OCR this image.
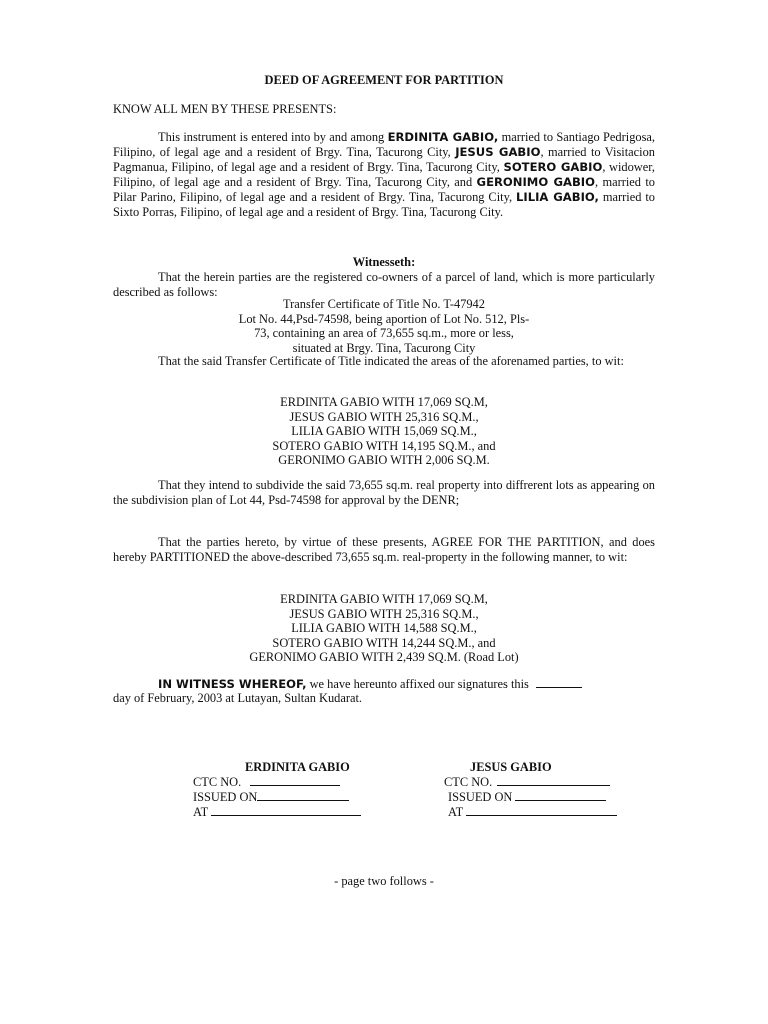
DEED OF AGREEMENT FOR PARTITION
KNOW ALL MEN BY THESE PRESENTS:
This instrument is entered into by and among ERDINITA GABIO, married to Santiago Pedrigosa, Filipino, of legal age and a resident of Brgy. Tina, Tacurong City, JESUS GABIO, married to Visitacion Pagmanua, Filipino, of legal age and a resident of Brgy. Tina, Tacurong City, SOTERO GABIO, widower, Filipino, of legal age and a resident of Brgy. Tina, Tacurong City, and GERONIMO GABIO, married to Pilar Parino, Filipino, of legal age and a resident of Brgy. Tina, Tacurong City, LILIA GABIO, married to Sixto Porras, Filipino, of legal age and a resident of Brgy. Tina, Tacurong City.
Witnesseth:
That the herein parties are the registered co-owners of a parcel of land, which is more particularly described as follows:
Transfer Certificate of Title No. T-47942
Lot No. 44,Psd-74598, being aportion of Lot No. 512, Pls-
73, containing an area of 73,655 sq.m., more or less,
situated at Brgy. Tina, Tacurong City
That the said Transfer Certificate of Title indicated the areas of the aforenamed parties, to wit:
ERDINITA GABIO WITH 17,069 SQ.M,
JESUS GABIO WITH 25,316 SQ.M.,
LILIA GABIO WITH 15,069 SQ.M.,
SOTERO GABIO WITH 14,195 SQ.M., and
GERONIMO GABIO WITH 2,006 SQ.M.
That they intend to subdivide the said 73,655 sq.m. real property into diffrerent lots as appearing on the subdivision plan of Lot 44, Psd-74598 for approval by the DENR;
That the parties hereto, by virtue of these presents, AGREE FOR THE PARTITION, and does hereby PARTITIONED the above-described 73,655 sq.m. real-property in the following manner, to wit:
ERDINITA GABIO WITH 17,069 SQ.M,
JESUS GABIO WITH 25,316 SQ.M.,
LILIA GABIO WITH 14,588 SQ.M.,
SOTERO GABIO WITH 14,244 SQ.M., and
GERONIMO GABIO WITH 2,439 SQ.M. (Road Lot)
IN WITNESS WHEREOF, we have hereunto affixed our signatures this
day of February, 2003 at Lutayan, Sultan Kudarat.
ERDINITA GABIO
CTC NO.
ISSUED ON
AT
JESUS GABIO
CTC NO.
ISSUED ON
AT
- page two follows -
